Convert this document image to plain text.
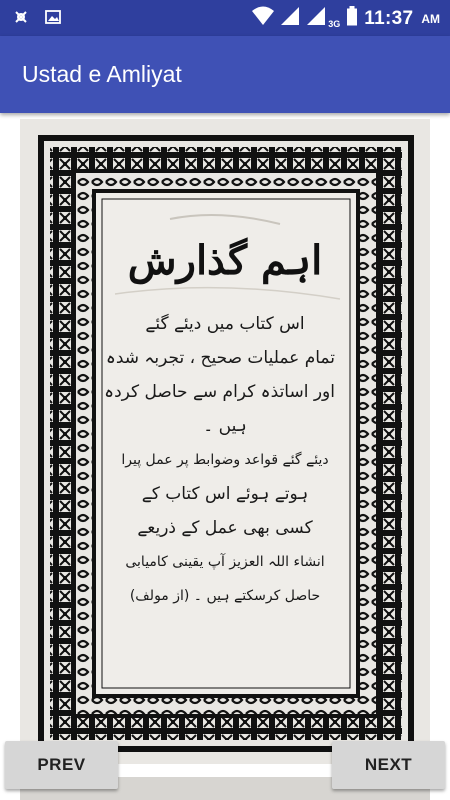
3G 11:37 AM
Ustad e Amliyat
اہم گذارش
اس کتاب میں دیئے گئے
تمام عملیات صحیح ، تجربہ شدہ
اور اساتذہ کرام سے حاصل کردہ
ہیں ۔
دیئے گئے قواعد وضوابط پر عمل پیرا
ہوتے ہوئے اس کتاب کے
کسی بھی عمل کے ذریعے
انشاء اللہ العزیز آپ یقینی کامیابی
حاصل کرسکتے ہیں ۔ (از مولف)
PREV	NEXT
